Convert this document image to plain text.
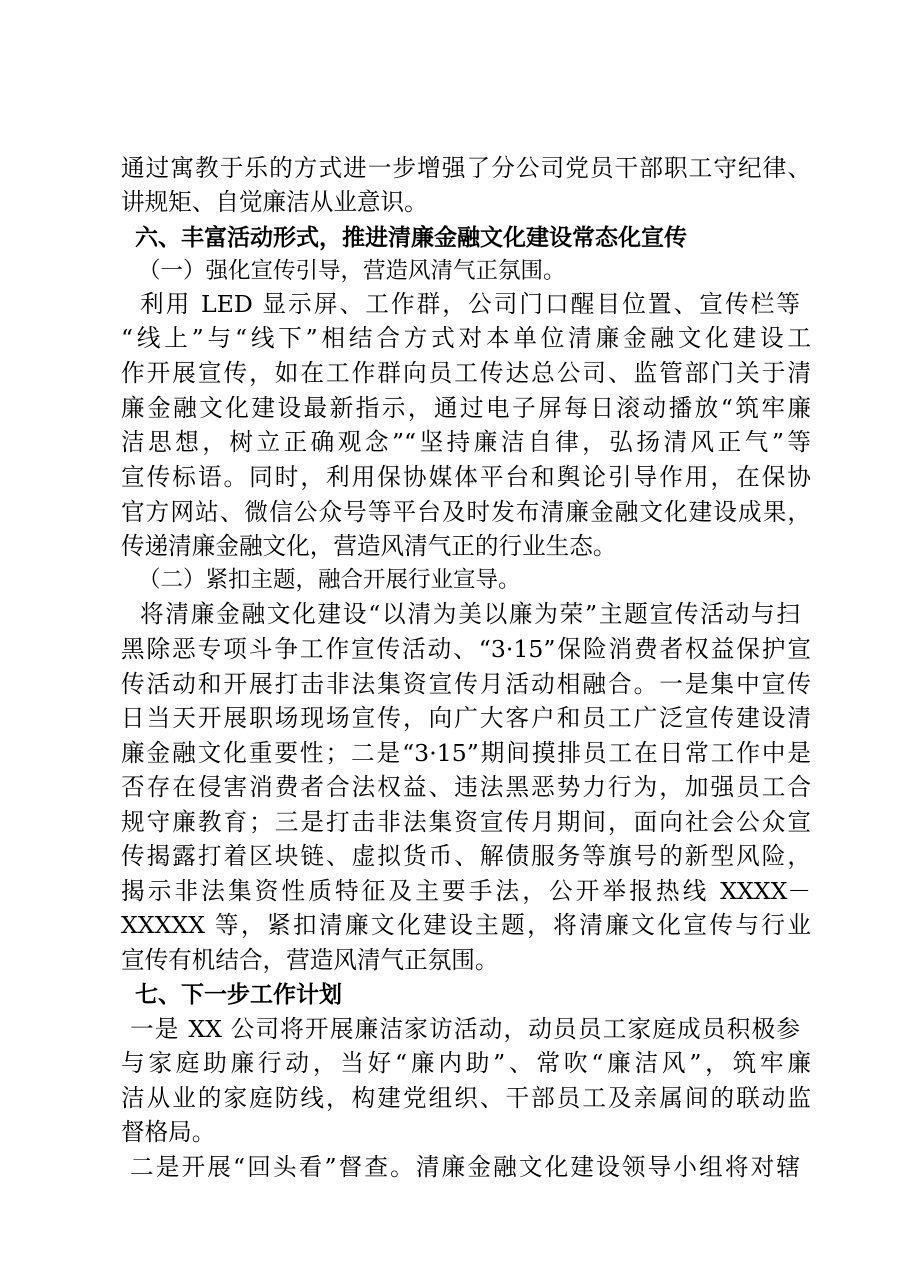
通过寓教于乐的方式进一步增强了分公司党员干部职工守纪律、
讲规矩、自觉廉洁从业意识。
六、丰富活动形式，推进清廉金融文化建设常态化宣传
（一）强化宣传引导，营造风清气正氛围。
利用 LED 显示屏、工作群，公司门口醒目位置、宣传栏等
“线上”与“线下”相结合方式对本单位清廉金融文化建设工
作开展宣传，如在工作群向员工传达总公司、监管部门关于清
廉金融文化建设最新指示，通过电子屏每日滚动播放“筑牢廉
洁思想，树立正确观念”“坚持廉洁自律，弘扬清风正气”等
宣传标语。同时，利用保协媒体平台和舆论引导作用，在保协
官方网站、微信公众号等平台及时发布清廉金融文化建设成果，
传递清廉金融文化，营造风清气正的行业生态。
（二）紧扣主题，融合开展行业宣导。
将清廉金融文化建设“以清为美以廉为荣”主题宣传活动与扫
黑除恶专项斗争工作宣传活动、“3·15”保险消费者权益保护宣
传活动和开展打击非法集资宣传月活动相融合。一是集中宣传
日当天开展职场现场宣传，向广大客户和员工广泛宣传建设清
廉金融文化重要性；二是“3·15”期间摸排员工在日常工作中是
否存在侵害消费者合法权益、违法黑恶势力行为，加强员工合
规守廉教育；三是打击非法集资宣传月期间，面向社会公众宣
传揭露打着区块链、虚拟货币、解债服务等旗号的新型风险，
揭示非法集资性质特征及主要手法，公开举报热线 XXXX－
XXXXX 等，紧扣清廉文化建设主题，将清廉文化宣传与行业
宣传有机结合，营造风清气正氛围。
七、下一步工作计划
一是 XX 公司将开展廉洁家访活动，动员员工家庭成员积极参
与家庭助廉行动，当好“廉内助”、常吹“廉洁风”，筑牢廉
洁从业的家庭防线，构建党组织、干部员工及亲属间的联动监
督格局。
二是开展“回头看”督查。清廉金融文化建设领导小组将对辖
